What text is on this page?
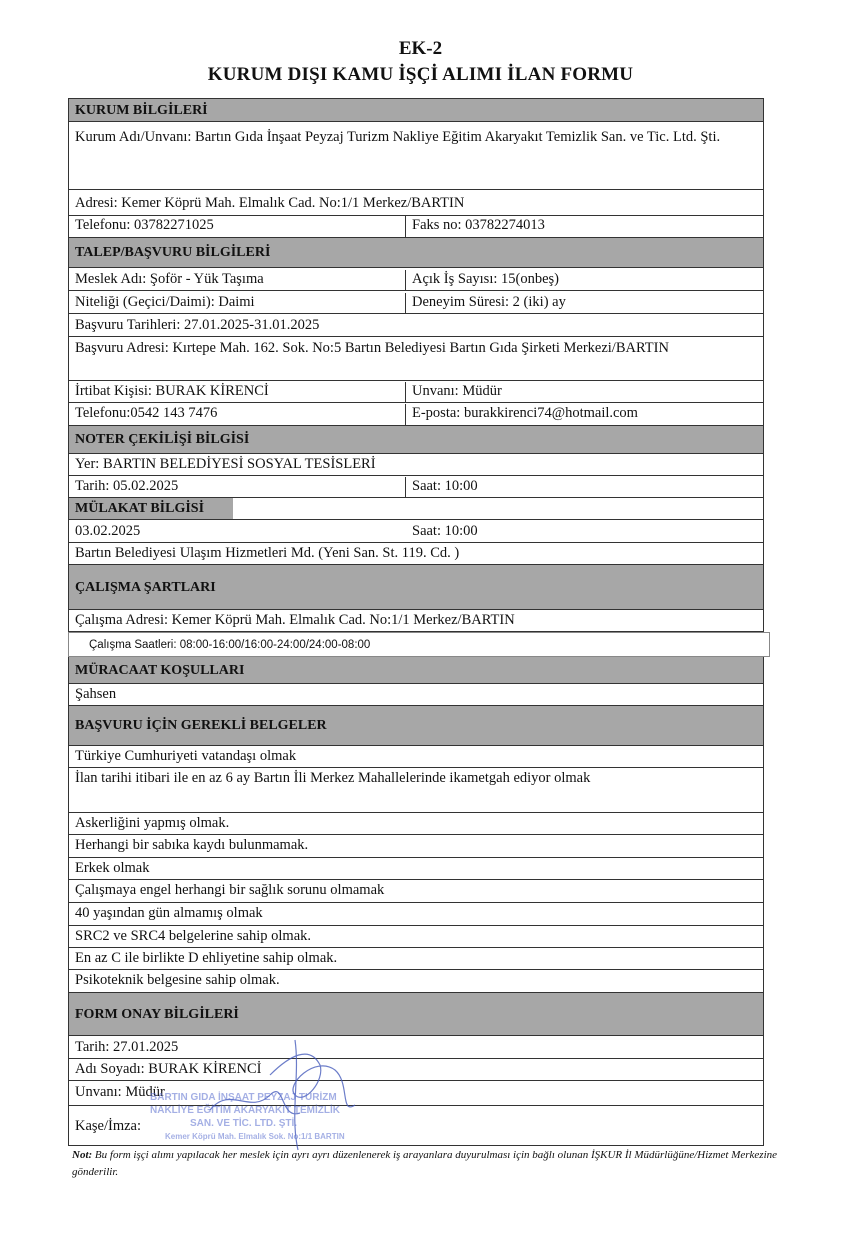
EK-2
KURUM DIŞI KAMU İŞÇİ ALIMI İLAN FORMU
KURUM BİLGİLERİ
Kurum Adı/Unvanı: Bartın Gıda İnşaat Peyzaj Turizm Nakliye Eğitim Akaryakıt Temizlik San. ve Tic. Ltd. Şti.
Adresi: Kemer Köprü Mah. Elmalık Cad. No:1/1 Merkez/BARTIN
Telefonu: 03782271025	Faks no: 03782274013
TALEP/BAŞVURU BİLGİLERİ
Meslek Adı: Şoför - Yük Taşıma	Açık İş Sayısı: 15(onbeş)
Niteliği (Geçici/Daimi): Daimi	Deneyim Süresi: 2 (iki) ay
Başvuru Tarihleri: 27.01.2025-31.01.2025
Başvuru Adresi: Kırtepe Mah. 162. Sok. No:5 Bartın Belediyesi Bartın Gıda Şirketi Merkezi/BARTIN
İrtibat Kişisi: BURAK KİRENCİ	Unvanı: Müdür
Telefonu:0542 143 7476	E-posta: burakkirenci74@hotmail.com
NOTER ÇEKİLİŞİ BİLGİSİ
Yer: BARTIN BELEDİYESİ SOSYAL TESİSLERİ
Tarih: 05.02.2025	Saat: 10:00
MÜLAKAT BİLGİSİ
03.02.2025	Saat: 10:00
Bartın Belediyesi Ulaşım Hizmetleri Md. (Yeni San. St. 119. Cd. )
ÇALIŞMA ŞARTLARI
Çalışma Adresi: Kemer Köprü Mah. Elmalık Cad. No:1/1 Merkez/BARTIN
Çalışma Saatleri: 08:00-16:00/16:00-24:00/24:00-08:00
MÜRACAAT KOŞULLARI
Şahsen
BAŞVURU İÇİN GEREKLİ BELGELER
Türkiye Cumhuriyeti vatandaşı olmak
İlan tarihi itibari ile en az 6 ay Bartın İli Merkez Mahallelerinde ikametgah ediyor olmak
Askerliğini yapmış olmak.
Herhangi bir sabıka kaydı bulunmamak.
Erkek olmak
Çalışmaya engel herhangi bir sağlık sorunu olmamak
40 yaşından gün almamış olmak
SRC2 ve SRC4 belgelerine sahip olmak.
En az C ile birlikte D ehliyetine sahip olmak.
Psikoteknik belgesine sahip olmak.
FORM ONAY BİLGİLERİ
Tarih: 27.01.2025
Adı Soyadı: BURAK KİRENCİ
Unvanı: Müdür
Kaşe/İmza:
BARTIN GIDA İNŞAAT PEYZAJ TURİZM
NAKLİYE EĞİTİM AKARYAKIT TEMİZLİK
SAN. VE TİC. LTD. ŞTİ.
Kemer Köprü Mah. Elmalık Sok. No:1/1 BARTIN
Not: Bu form işçi alımı yapılacak her meslek için ayrı ayrı düzenlenerek iş arayanlara duyurulması için bağlı olunan İŞKUR İl Müdürlüğüne/Hizmet Merkezine gönderilir.
